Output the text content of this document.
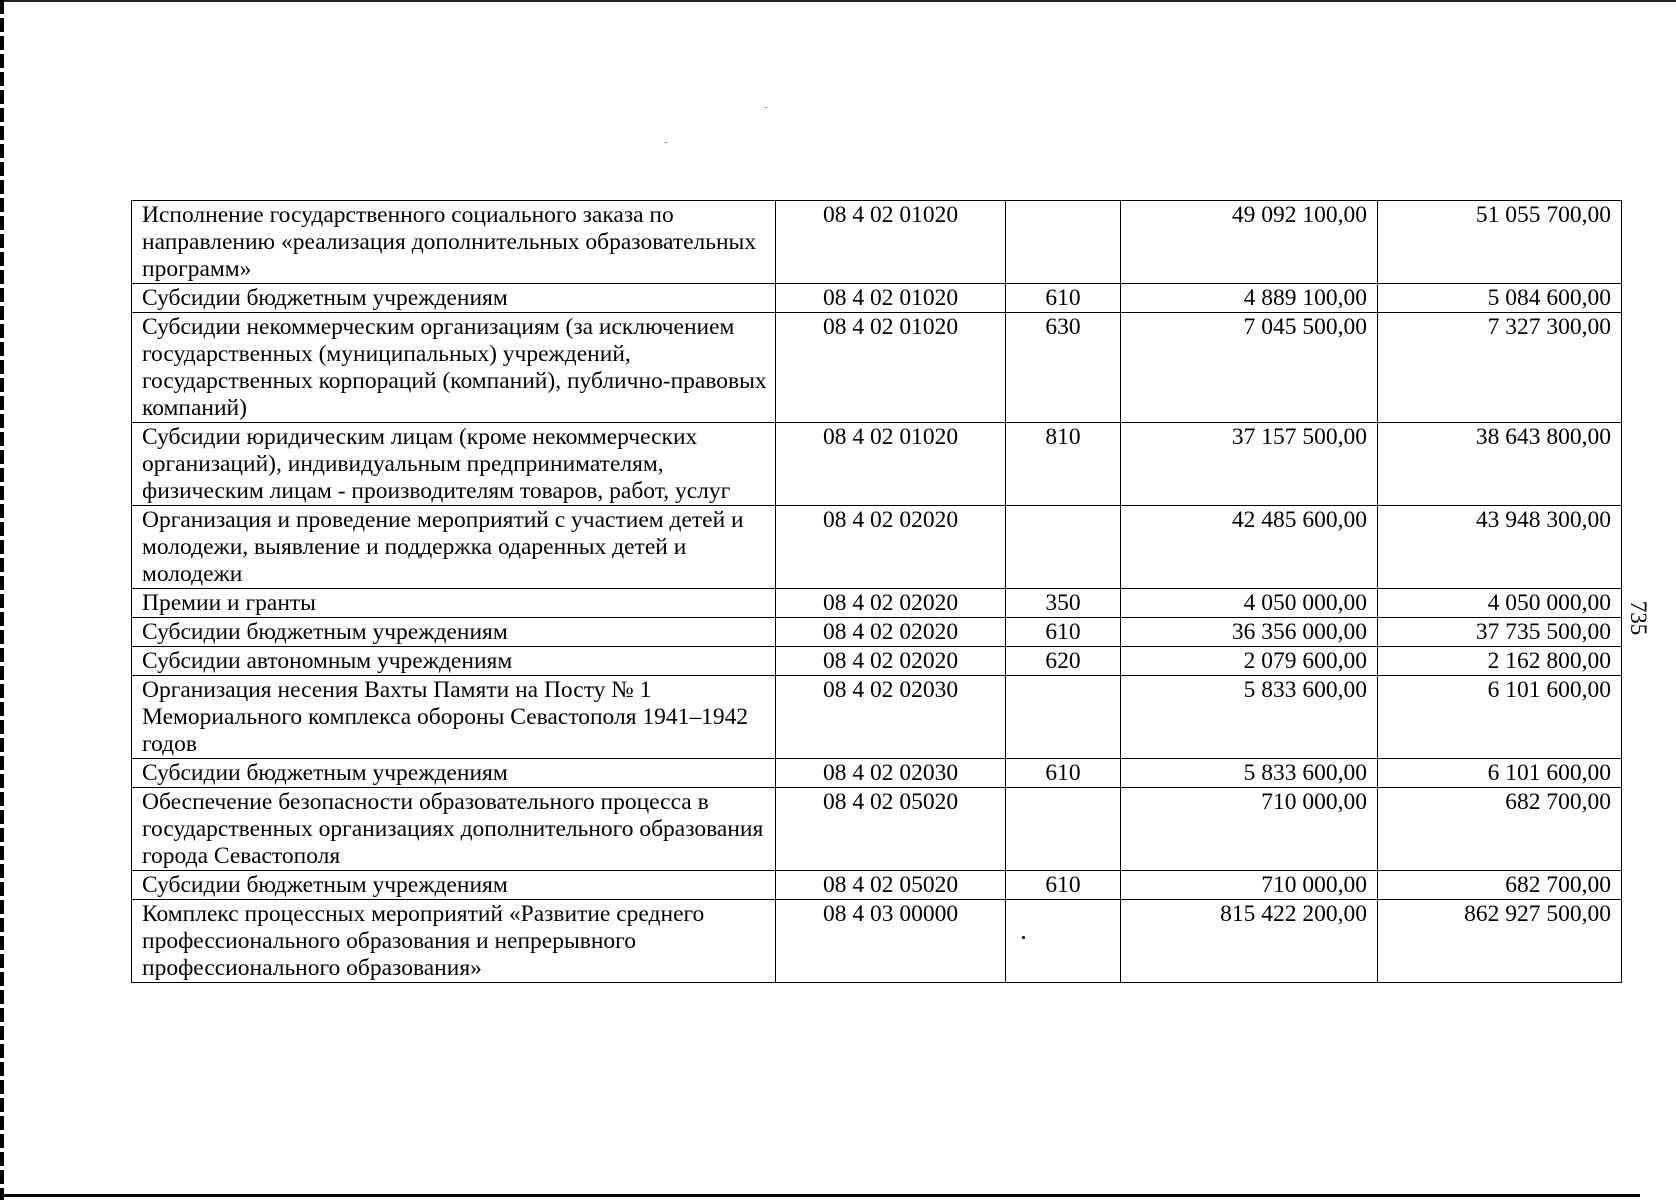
Исполнение государственного социального заказа по направлению «реализация дополнительных образовательных программ»	08 4 02 01020		49 092 100,00	51 055 700,00
Субсидии бюджетным учреждениям	08 4 02 01020	610	4 889 100,00	5 084 600,00
Субсидии некоммерческим организациям (за исключением государственных (муниципальных) учреждений, государственных корпораций (компаний), публично-правовых компаний)	08 4 02 01020	630	7 045 500,00	7 327 300,00
Субсидии юридическим лицам (кроме некоммерческих организаций), индивидуальным предпринимателям, физическим лицам - производителям товаров, работ, услуг	08 4 02 01020	810	37 157 500,00	38 643 800,00
Организация и проведение мероприятий с участием детей и молодежи, выявление и поддержка одаренных детей и молодежи	08 4 02 02020		42 485 600,00	43 948 300,00
Премии и гранты	08 4 02 02020	350	4 050 000,00	4 050 000,00
Субсидии бюджетным учреждениям	08 4 02 02020	610	36 356 000,00	37 735 500,00
Субсидии автономным учреждениям	08 4 02 02020	620	2 079 600,00	2 162 800,00
Организация несения Вахты Памяти на Посту № 1 Мемориального комплекса обороны Севастополя 1941–1942 годов	08 4 02 02030		5 833 600,00	6 101 600,00
Субсидии бюджетным учреждениям	08 4 02 02030	610	5 833 600,00	6 101 600,00
Обеспечение безопасности образовательного процесса в государственных организациях дополнительного образования города Севастополя	08 4 02 05020		710 000,00	682 700,00
Субсидии бюджетным учреждениям	08 4 02 05020	610	710 000,00	682 700,00
Комплекс процессных мероприятий «Развитие среднего профессионального образования и непрерывного профессионального образования»	08 4 03 00000		815 422 200,00	862 927 500,00
735
